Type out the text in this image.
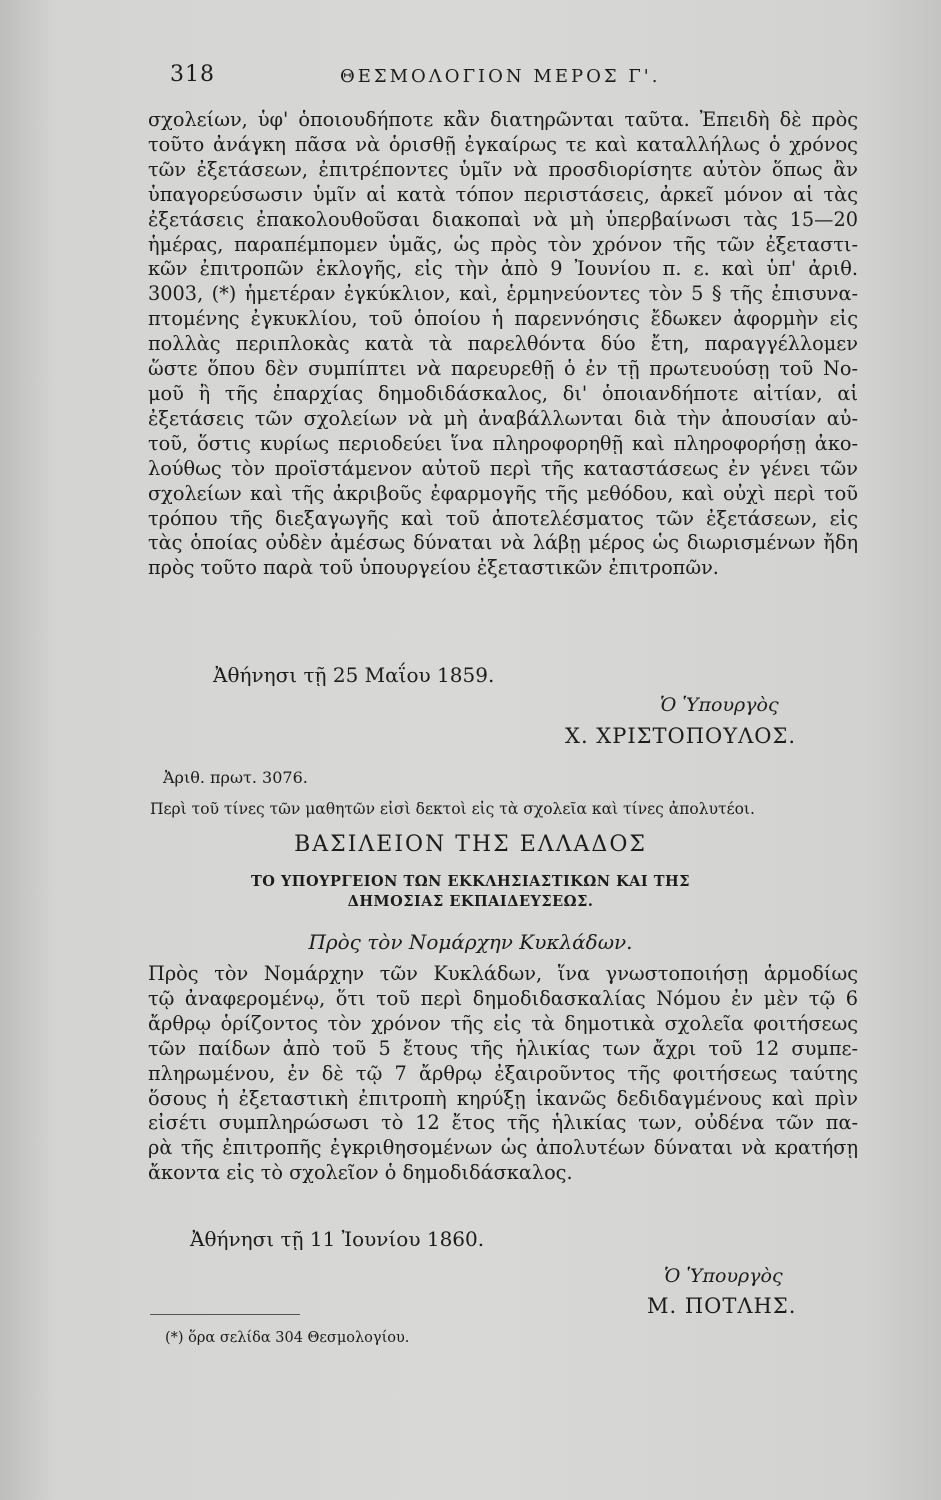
318	ΘΕΣΜΟΛΟΓΙΟΝ ΜΕΡΟΣ Γ'.
σχολείων, ὑφ' ὁποιουδήποτε κἂν διατηρῶνται ταῦτα. Ἐπειδὴ δὲ πρὸς
τοῦτο ἀνάγκη πᾶσα νὰ ὁρισθῇ ἐγκαίρως τε καὶ καταλλήλως ὁ χρόνος
τῶν ἐξετάσεων, ἐπιτρέποντες ὑμῖν νὰ προσδιορίσητε αὐτὸν ὅπως ἂν
ὑπαγορεύσωσιν ὑμῖν αἱ κατὰ τόπον περιστάσεις, ἀρκεῖ μόνον αἱ τὰς
ἐξετάσεις ἐπακολουθοῦσαι διακοπαὶ νὰ μὴ ὑπερβαίνωσι τὰς 15—20
ἡμέρας, παραπέμπομεν ὑμᾶς, ὡς πρὸς τὸν χρόνον τῆς τῶν ἐξεταστι-
κῶν ἐπιτροπῶν ἐκλογῆς, εἰς τὴν ἀπὸ 9 Ἰουνίου π. ε. καὶ ὑπ' ἀριθ.
3003, (*) ἡμετέραν ἐγκύκλιον, καὶ, ἑρμηνεύοντες τὸν 5 § τῆς ἐπισυνα-
πτομένης ἐγκυκλίου, τοῦ ὁποίου ἡ παρεννόησις ἔδωκεν ἀφορμὴν εἰς
πολλὰς περιπλοκὰς κατὰ τὰ παρελθόντα δύο ἔτη, παραγγέλλομεν
ὥστε ὅπου δὲν συμπίπτει νὰ παρευρεθῇ ὁ ἐν τῇ πρωτευούσῃ τοῦ Νο-
μοῦ ἢ τῆς ἐπαρχίας δημοδιδάσκαλος, δι' ὁποιανδήποτε αἰτίαν, αἱ
ἐξετάσεις τῶν σχολείων νὰ μὴ ἀναβάλλωνται διὰ τὴν ἀπουσίαν αὐ-
τοῦ, ὅστις κυρίως περιοδεύει ἵνα πληροφορηθῇ καὶ πληροφορήσῃ ἀκο-
λούθως τὸν προϊστάμενον αὐτοῦ περὶ τῆς καταστάσεως ἐν γένει τῶν
σχολείων καὶ τῆς ἀκριβοῦς ἐφαρμογῆς τῆς μεθόδου, καὶ οὐχὶ περὶ τοῦ
τρόπου τῆς διεξαγωγῆς καὶ τοῦ ἀποτελέσματος τῶν ἐξετάσεων, εἰς
τὰς ὁποίας οὐδὲν ἀμέσως δύναται νὰ λάβῃ μέρος ὡς διωρισμένων ἤδη
πρὸς τοῦτο παρὰ τοῦ ὑπουργείου ἐξεταστικῶν ἐπιτροπῶν.
Ἀθήνησι τῇ 25 Μαΐου 1859.
Ὁ Ὑπουργὸς
Χ. ΧΡΙΣΤΟΠΟΥΛΟΣ.
Ἀριθ. πρωτ. 3076.
Περὶ τοῦ τίνες τῶν μαθητῶν εἰσὶ δεκτοὶ εἰς τὰ σχολεῖα καὶ τίνες ἀπολυτέοι.
ΒΑΣΙΛΕΙΟΝ ΤΗΣ ΕΛΛΑΔΟΣ
ΤΟ ΥΠΟΥΡΓΕΙΟΝ ΤΩΝ ΕΚΚΛΗΣΙΑΣΤΙΚΩΝ ΚΑΙ ΤΗΣ
ΔΗΜΟΣΙΑΣ ΕΚΠΑΙΔΕΥΣΕΩΣ.
Πρὸς τὸν Νομάρχην Κυκλάδων.
Πρὸς τὸν Νομάρχην τῶν Κυκλάδων, ἵνα γνωστοποιήσῃ ἁρμοδίως
τῷ ἀναφερομένῳ, ὅτι τοῦ περὶ δημοδιδασκαλίας Νόμου ἐν μὲν τῷ 6
ἄρθρῳ ὁρίζοντος τὸν χρόνον τῆς εἰς τὰ δημοτικὰ σχολεῖα φοιτήσεως
τῶν παίδων ἀπὸ τοῦ 5 ἔτους τῆς ἡλικίας των ἄχρι τοῦ 12 συμπε-
πληρωμένου, ἐν δὲ τῷ 7 ἄρθρῳ ἐξαιροῦντος τῆς φοιτήσεως ταύτης
ὅσους ἡ ἐξεταστικὴ ἐπιτροπὴ κηρύξῃ ἱκανῶς δεδιδαγμένους καὶ πρὶν
εἰσέτι συμπληρώσωσι τὸ 12 ἔτος τῆς ἡλικίας των, οὐδένα τῶν πα-
ρὰ τῆς ἐπιτροπῆς ἐγκριθησομένων ὡς ἀπολυτέων δύναται νὰ κρατήσῃ
ἄκοντα εἰς τὸ σχολεῖον ὁ δημοδιδάσκαλος.
Ἀθήνησι τῇ 11 Ἰουνίου 1860.
Ὁ Ὑπουργὸς
Μ. ΠΟΤΛΗΣ.
(*) ὅρα σελίδα 304 Θεσμολογίου.
